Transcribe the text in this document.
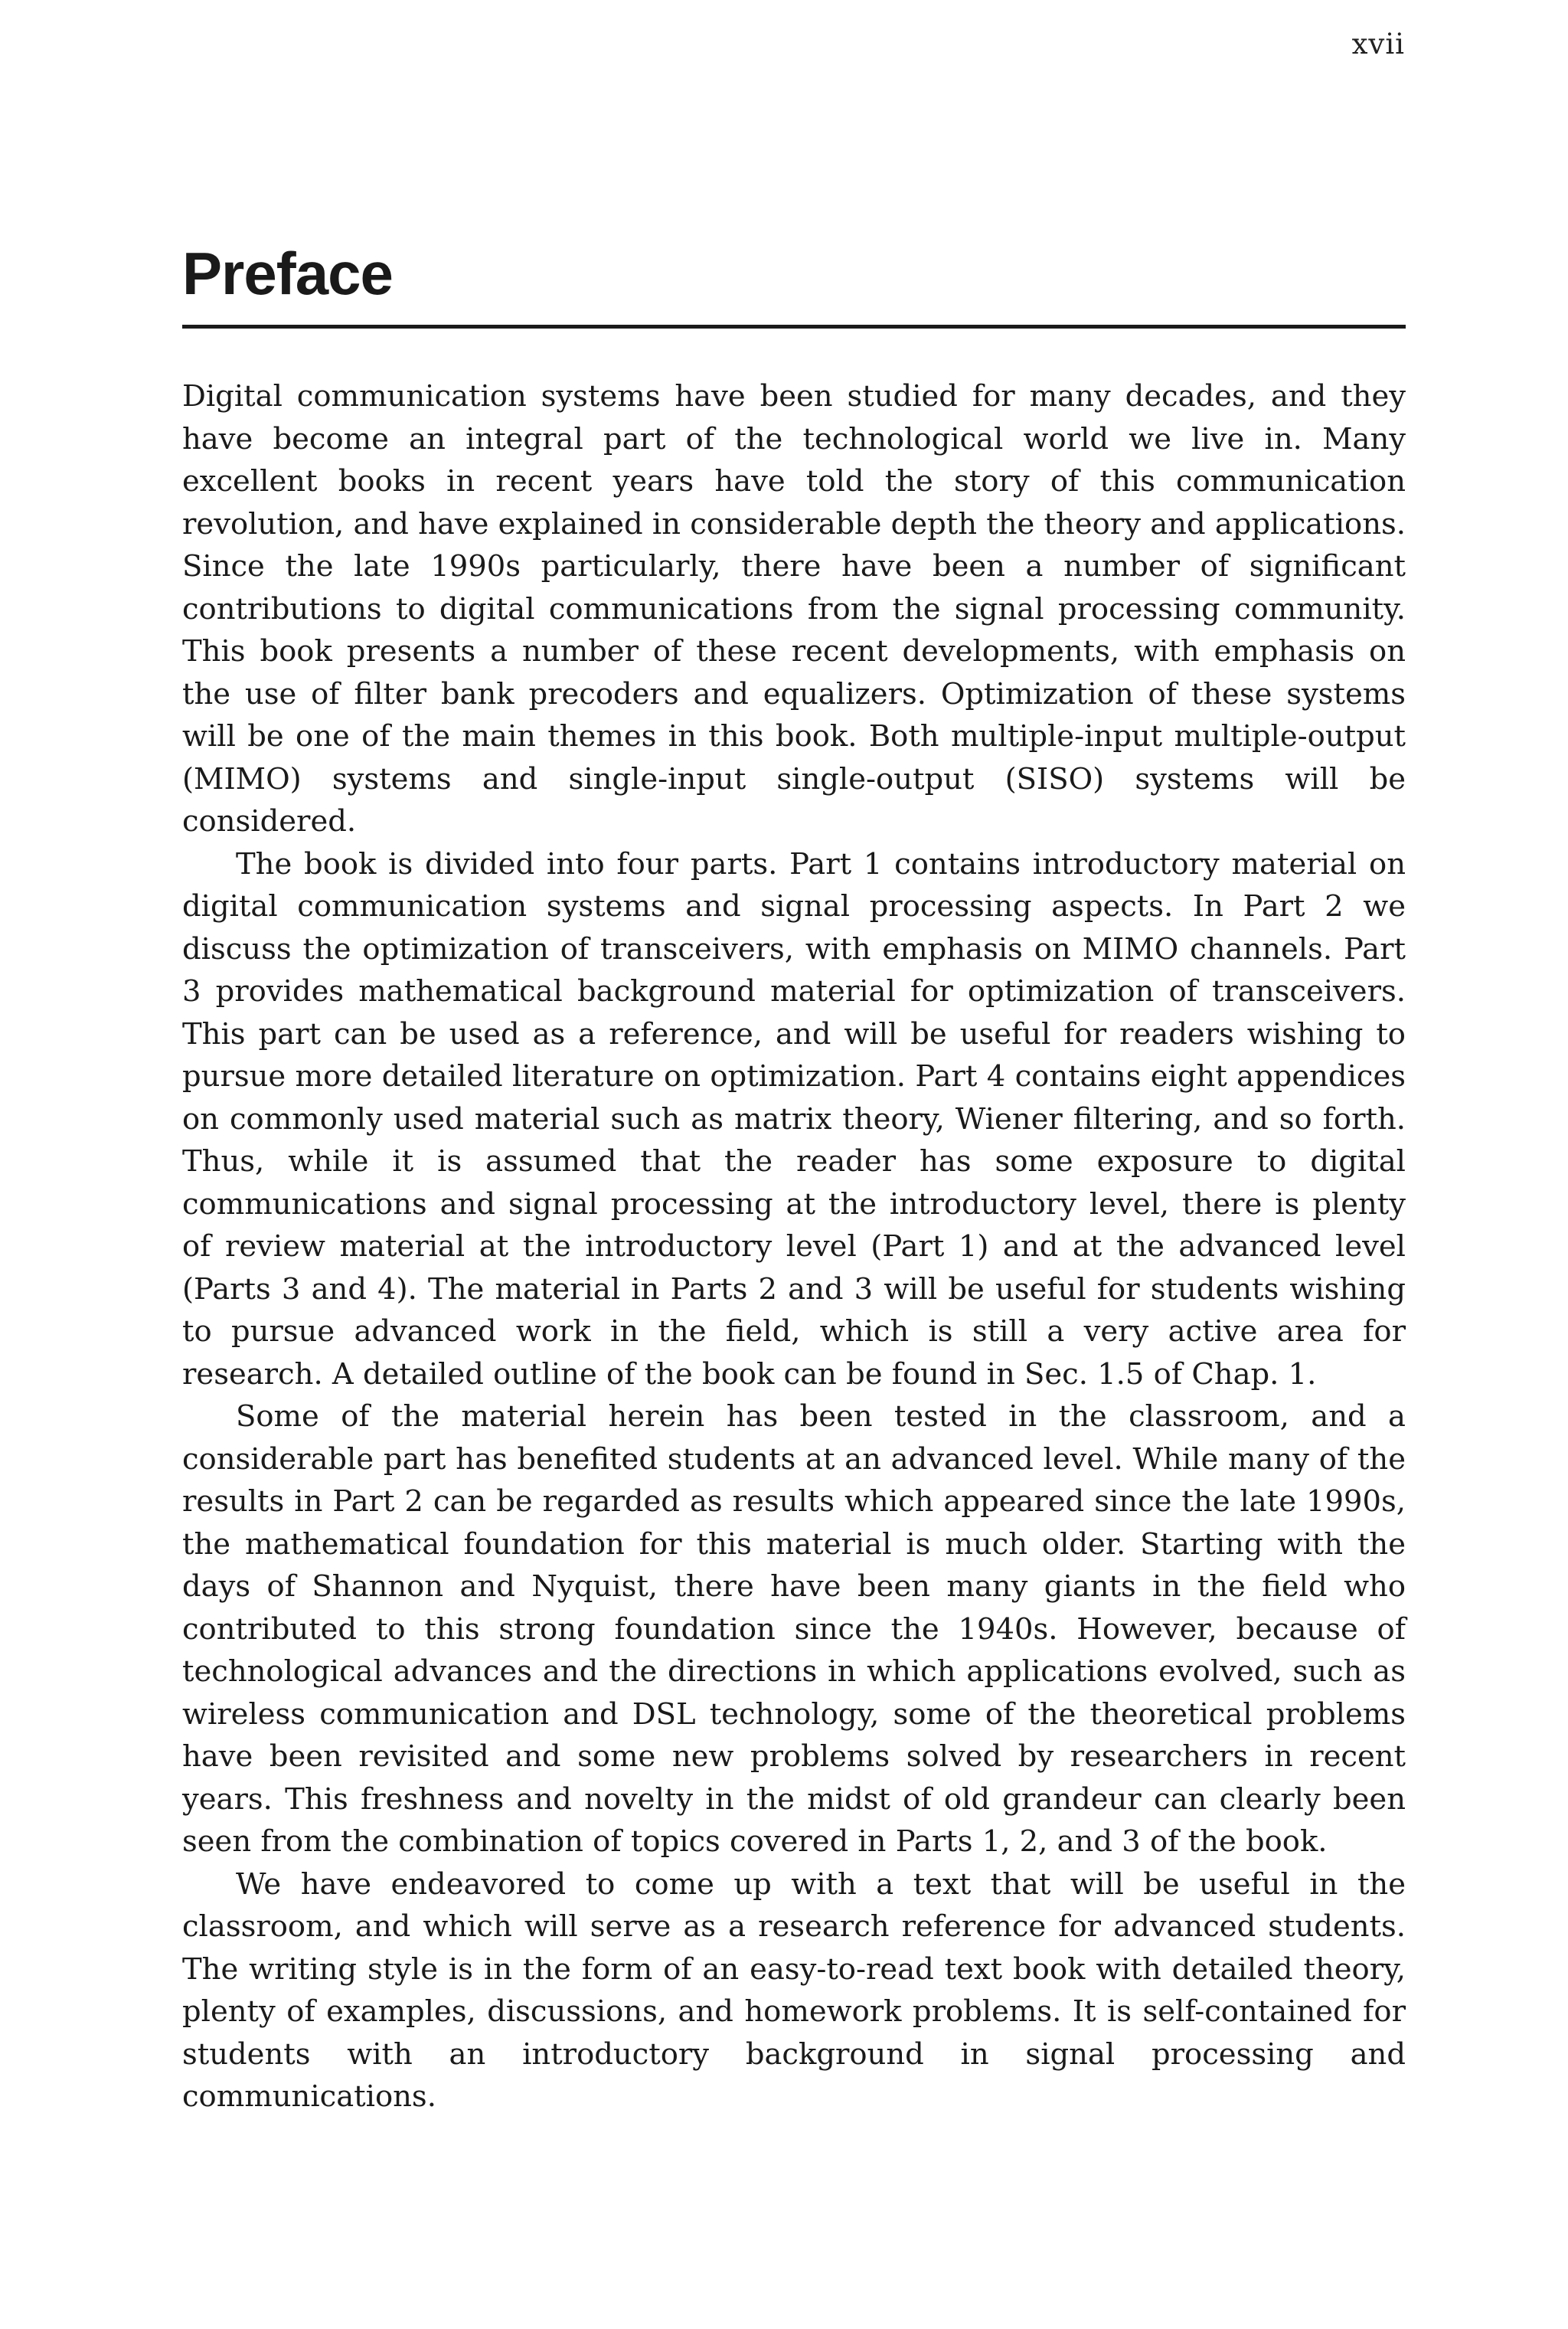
xvii
Preface

Digital communication systems have been studied for many decades, and they have become an integral part of the technological world we live in. Many excellent books in recent years have told the story of this communication revolution, and have explained in considerable depth the theory and applications. Since the late 1990s particularly, there have been a number of significant contributions to digital communications from the signal processing community. This book presents a number of these recent developments, with emphasis on the use of filter bank precoders and equalizers. Optimization of these systems will be one of the main themes in this book. Both multiple-input multiple-output (MIMO) systems and single-input single-output (SISO) systems will be considered.

The book is divided into four parts. Part 1 contains introductory material on digital communication systems and signal processing aspects. In Part 2 we discuss the optimization of transceivers, with emphasis on MIMO channels. Part 3 provides mathematical background material for optimization of transceivers. This part can be used as a reference, and will be useful for readers wishing to pursue more detailed literature on optimization. Part 4 contains eight appendices on commonly used material such as matrix theory, Wiener filtering, and so forth. Thus, while it is assumed that the reader has some exposure to digital communications and signal processing at the introductory level, there is plenty of review material at the introductory level (Part 1) and at the advanced level (Parts 3 and 4). The material in Parts 2 and 3 will be useful for students wishing to pursue advanced work in the field, which is still a very active area for research. A detailed outline of the book can be found in Sec. 1.5 of Chap. 1.

Some of the material herein has been tested in the classroom, and a considerable part has benefited students at an advanced level. While many of the results in Part 2 can be regarded as results which appeared since the late 1990s, the mathematical foundation for this material is much older. Starting with the days of Shannon and Nyquist, there have been many giants in the field who contributed to this strong foundation since the 1940s. However, because of technological advances and the directions in which applications evolved, such as wireless communication and DSL technology, some of the theoretical problems have been revisited and some new problems solved by researchers in recent years. This freshness and novelty in the midst of old grandeur can clearly been seen from the combination of topics covered in Parts 1, 2, and 3 of the book.

We have endeavored to come up with a text that will be useful in the classroom, and which will serve as a research reference for advanced students. The writing style is in the form of an easy-to-read text book with detailed theory, plenty of examples, discussions, and homework problems. It is self-contained for students with an introductory background in signal processing and communications.
